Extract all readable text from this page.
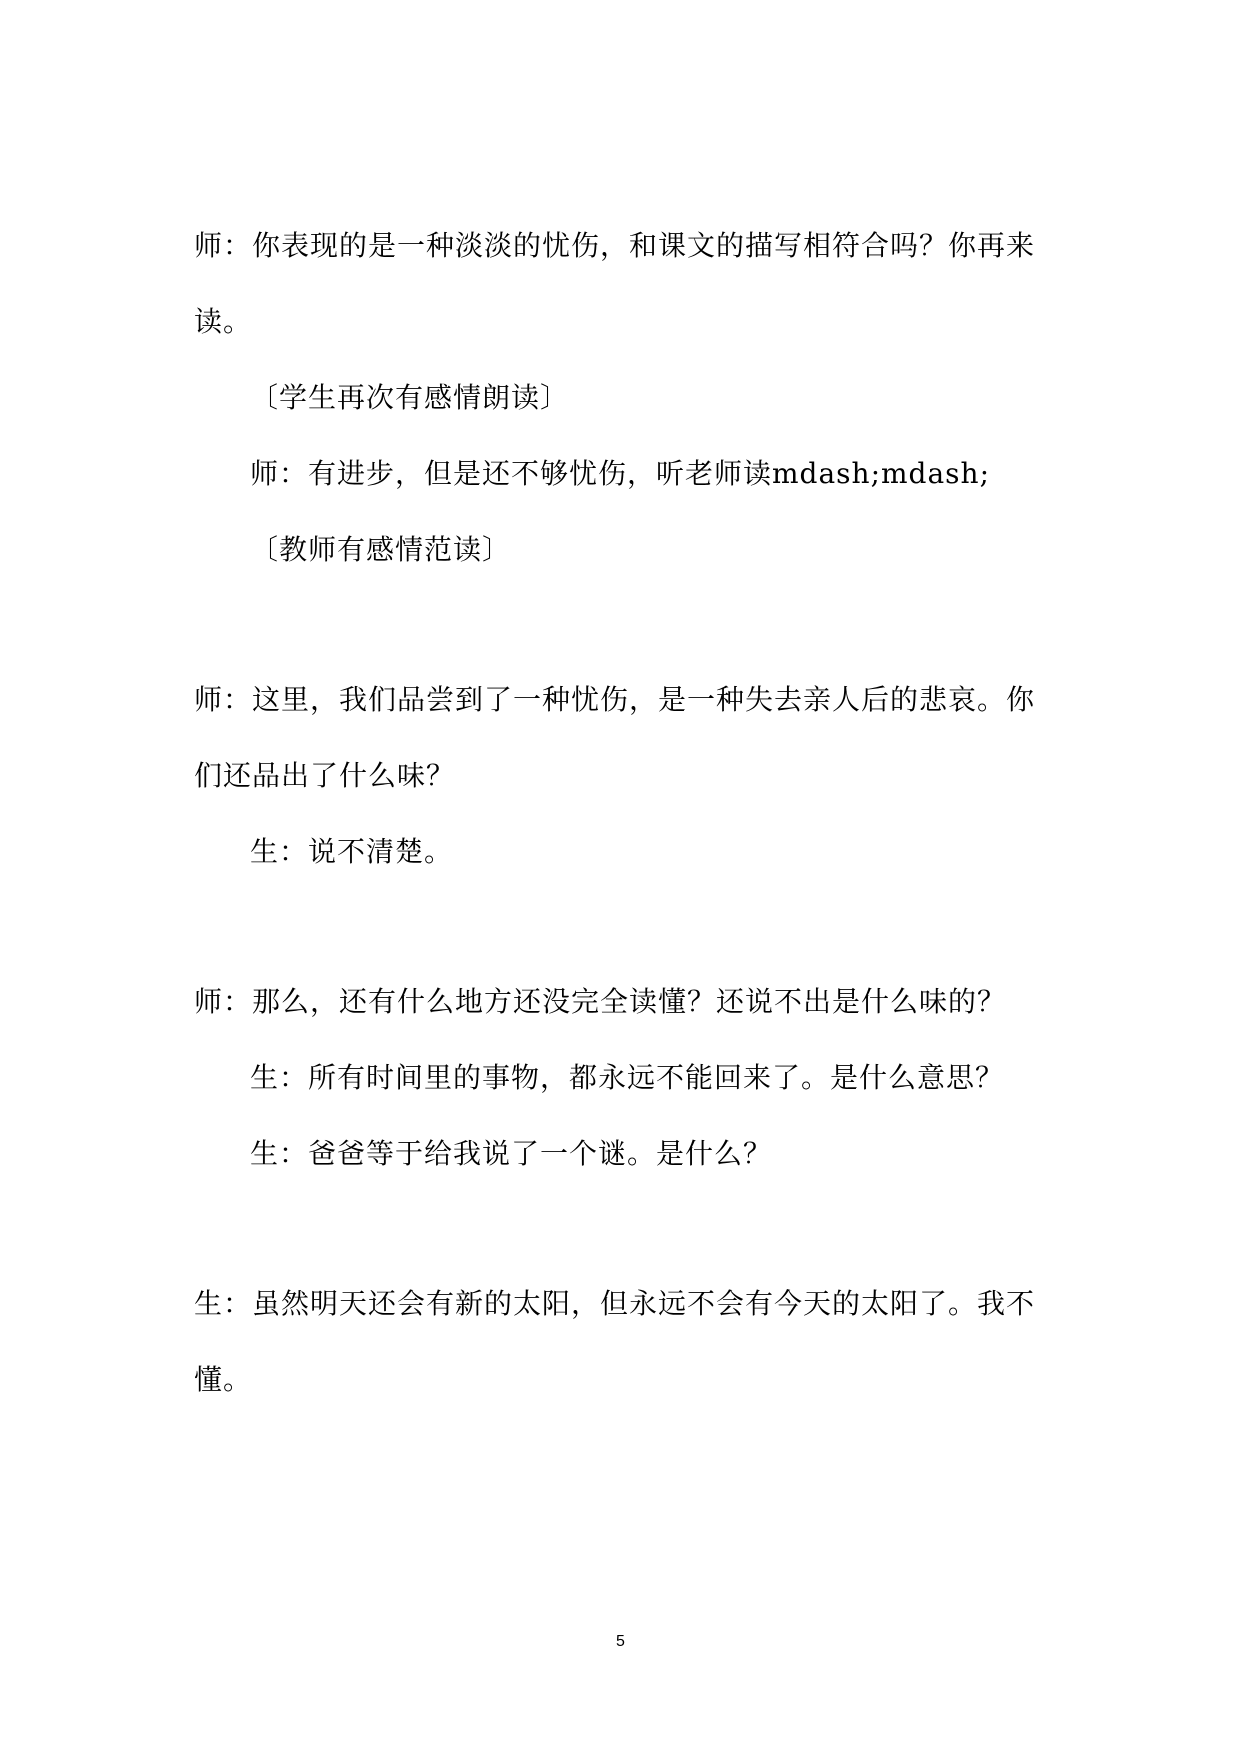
师：你表现的是一种淡淡的忧伤，和课文的描写相符合吗？你再来
读。
〔学生再次有感情朗读〕
师：有进步，但是还不够忧伤，听老师读mdash;mdash;
〔教师有感情范读〕
师：这里，我们品尝到了一种忧伤，是一种失去亲人后的悲哀。你
们还品出了什么味？
生：说不清楚。
师：那么，还有什么地方还没完全读懂？还说不出是什么味的？
生：所有时间里的事物，都永远不能回来了。是什么意思？
生：爸爸等于给我说了一个谜。是什么？
生：虽然明天还会有新的太阳，但永远不会有今天的太阳了。我不
懂。
5
